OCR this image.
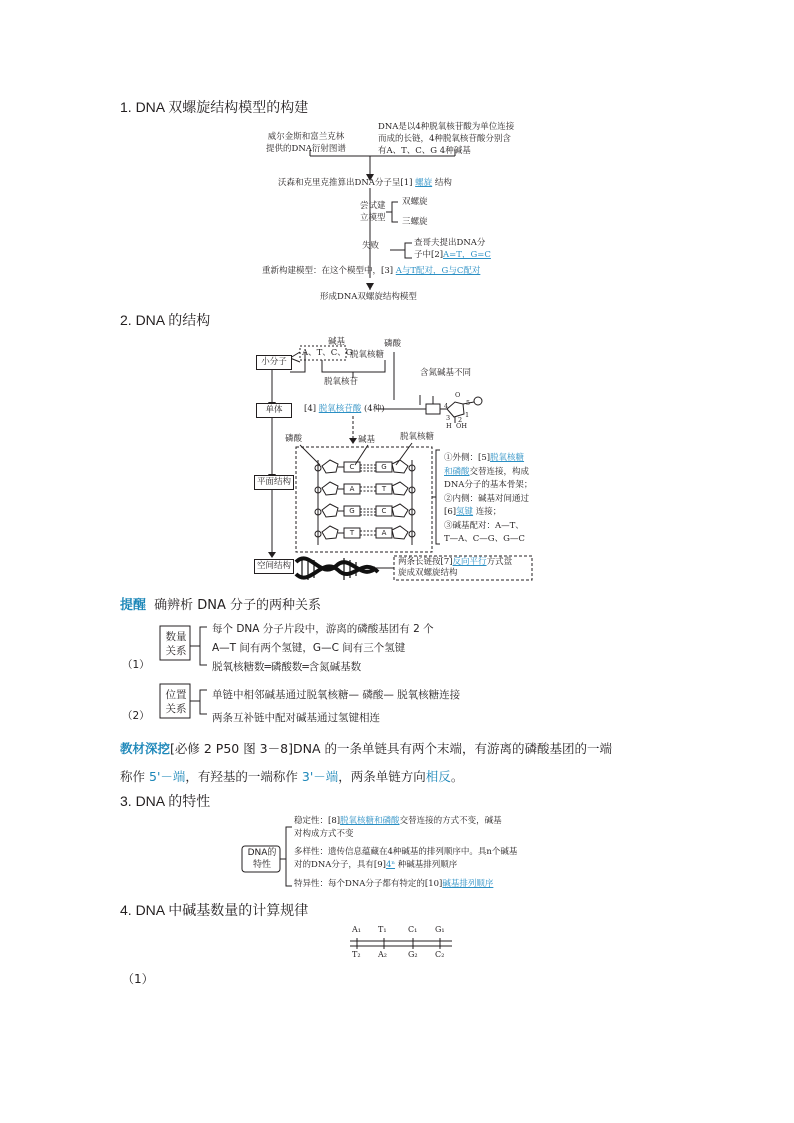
1. DNA 双螺旋结构模型的构建
威尔金斯和富兰克林
提供的DNA衍射图谱
DNA是以4种脱氧核苷酸为单位连接
而成的长链，4种脱氧核苷酸分别含
有A、T、C、G 4种碱基
沃森和克里克推算出DNA分子呈[1] 螺旋 结构
尝试建
立模型
双螺旋
三螺旋
失败	查哥夫提出DNA分
子中[2]A=T，G=C
重新构建模型：在这个模型中，[3] A与T配对，G与C配对
形成DNA双螺旋结构模型
2. DNA 的结构
小分子
单体
平面结构
空间结构
碱基
A、T、C、G
磷酸
脱氧核糖
脱氧核苷
含氮碱基不同
[4] 脱氧核苷酸 (4种)
O
4	5
1
3 2
H OH
磷酸	碱基	脱氧核糖
C
A
G
T
G
T
C
A
①外侧：[5]脱氧核糖
和磷酸交替连接，构成
DNA分子的基本骨架；
②内侧：碱基对间通过
[6]氢键 连接；
③碱基配对：A—T、
T—A、C—G、G—C
两条长链按[7]反向平行方式盘
旋成双螺旋结构
提醒 确辨析 DNA 分子的两种关系
（1）
数量
关系
每个 DNA 分子片段中，游离的磷酸基团有 2 个
A—T 间有两个氢键，G—C 间有三个氢键
脱氧核糖数═磷酸数═含氮碱基数
（2）
位置
关系
单链中相邻碱基通过脱氧核糖— 磷酸— 脱氧核糖连接
两条互补链中配对碱基通过氢键相连
教材深挖[必修 2 P50 图 3－8]DNA 的一条单链具有两个末端，有游离的磷酸基团的一端
称作 5'－端，有羟基的一端称作 3'－端，两条单链方向相反。
3. DNA 的特性
DNA的
特性
稳定性：[8]脱氧核糖和磷酸交替连接的方式不变，碱基
对构成方式不变
多样性：遗传信息蕴藏在4种碱基的排列顺序中。具n个碱基
对的DNA分子，具有[9]4ⁿ 种碱基排列顺序
特异性：每个DNA分子都有特定的[10]碱基排列顺序
4. DNA 中碱基数量的计算规律
A₁ T₁	C₁ G₁
T₂ A₂	G₂ C₂
（1）
